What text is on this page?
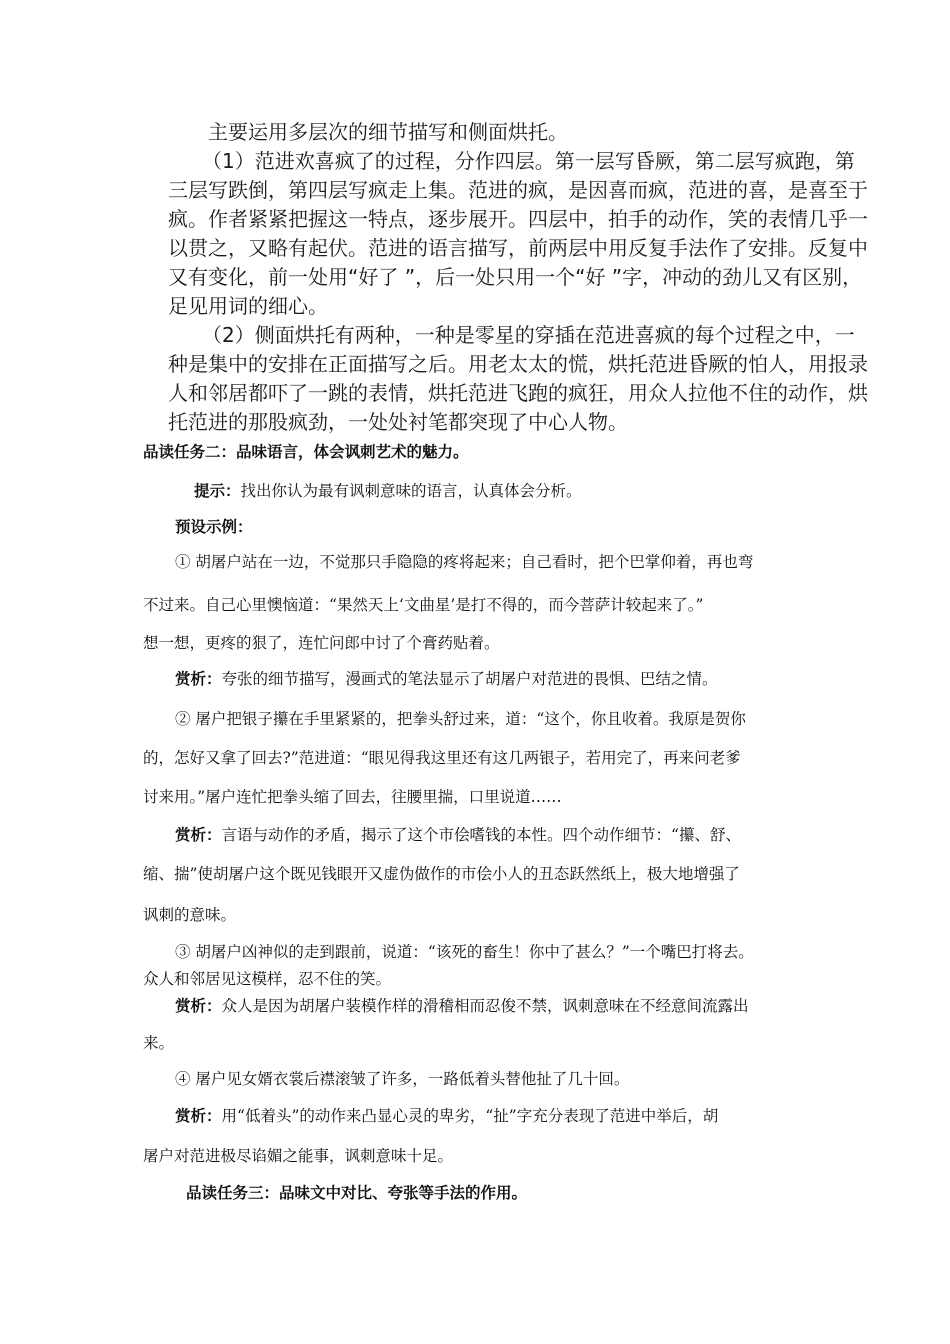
主要运用多层次的细节描写和侧面烘托。
（1）范进欢喜疯了的过程，分作四层。第一层写昏厥，第二层写疯跑，第
三层写跌倒，第四层写疯走上集。范进的疯，是因喜而疯，范进的喜，是喜至于
疯。作者紧紧把握这一特点，逐步展开。四层中，拍手的动作，笑的表情几乎一
以贯之，又略有起伏。范进的语言描写，前两层中用反复手法作了安排。反复中
又有变化，前一处用“好了 ”，后一处只用一个“好 ”字，冲动的劲儿又有区别，
足见用词的细心。
（2）侧面烘托有两种，一种是零星的穿插在范进喜疯的每个过程之中，一
种是集中的安排在正面描写之后。用老太太的慌，烘托范进昏厥的怕人，用报录
人和邻居都吓了一跳的表情，烘托范进飞跑的疯狂，用众人拉他不住的动作，烘
托范进的那股疯劲，一处处衬笔都突现了中心人物。
品读任务二：品味语言，体会讽刺艺术的魅力。
提示：找出你认为最有讽刺意味的语言，认真体会分析。
预设示例：
① 胡屠户站在一边，不觉那只手隐隐的疼将起来；自己看时，把个巴掌仰着，再也弯
不过来。自己心里懊恼道：“果然天上‘文曲星’是打不得的，而今菩萨计较起来了。”
想一想，更疼的狠了，连忙问郎中讨了个膏药贴着。
赏析：夸张的细节描写，漫画式的笔法显示了胡屠户对范进的畏惧、巴结之情。
② 屠户把银子攥在手里紧紧的，把拳头舒过来，道：“这个，你且收着。我原是贺你
的，怎好又拿了回去?”范进道：“眼见得我这里还有这几两银子，若用完了，再来问老爹
讨来用。”屠户连忙把拳头缩了回去，往腰里揣，口里说道……
赏析：言语与动作的矛盾，揭示了这个市侩嗜钱的本性。四个动作细节：“攥、舒、
缩、揣”使胡屠户这个既见钱眼开又虚伪做作的市侩小人的丑态跃然纸上，极大地增强了
讽刺的意味。
③ 胡屠户凶神似的走到跟前，说道：“该死的畜生！你中了甚么？”一个嘴巴打将去。
众人和邻居见这模样，忍不住的笑。
赏析：众人是因为胡屠户装模作样的滑稽相而忍俊不禁，讽刺意味在不经意间流露出
来。
④ 屠户见女婿衣裳后襟滚皱了许多，一路低着头替他扯了几十回。
赏析：用“低着头”的动作来凸显心灵的卑劣，“扯”字充分表现了范进中举后，胡
屠户对范进极尽谄媚之能事，讽刺意味十足。
品读任务三：品味文中对比、夸张等手法的作用。
